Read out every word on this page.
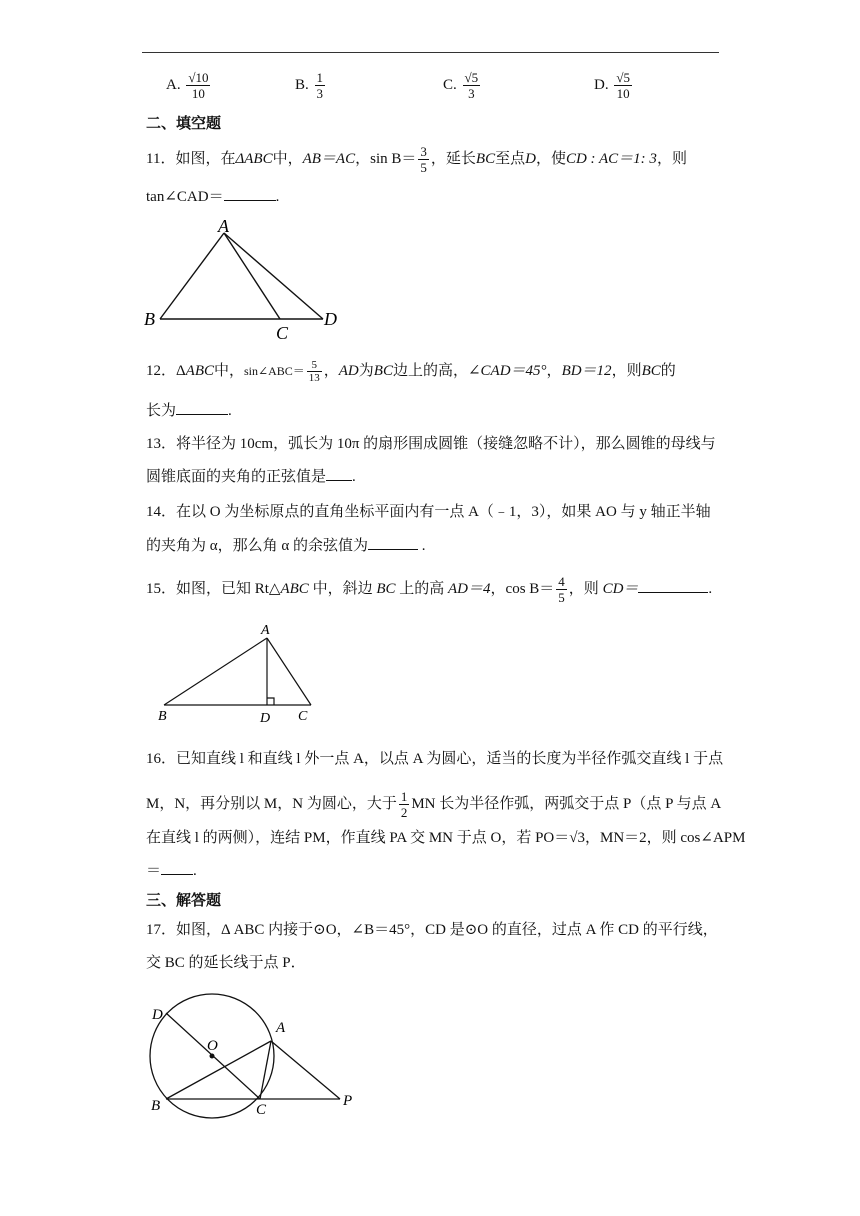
A. $\frac{√10}{10}$	B. $\frac{1}{3}$	C. $\frac{√5}{3}$	D. $\frac{√5}{10}$
二、填空题
11．如图，在ΔABC中，AB＝AC，$\sin B= \frac{3}{5}$ ，延长BC至点D，使CD : AC＝1: 3，则
tan∠CAD＝	.
A
B
C
D
12．ΔABC中，sin∠ABC＝ $\frac{5}{13}$ ，AD为BC边上的高，∠CAD＝45°，BD＝12，则BC的
长为	.
13．将半径为 10cm，弧长为 10π 的扇形围成圆锥（接缝忽略不计），那么圆锥的母线与
圆锥底面的夹角的正弦值是 .
14．在以 O 为坐标原点的直角坐标平面内有一点 A（﹣1，3），如果 AO 与 y 轴正半轴
的夹角为 α，那么角 α 的余弦值为	.
15．如图，已知 Rt△ABC 中，斜边 BC 上的高 AD＝4，$\cos B= \frac{4}{5}$ ，则 CD＝	.
A
B	D C
16．已知直线 l 和直线 l 外一点 A，以点 A 为圆心，适当的长度为半径作弧交直线 l 于点
M，N，再分别以 M，N 为圆心，大于 $\frac{1}{2}$ MN 长为半径作弧，两弧交于点 P（点 P 与点 A
在直线 l 的两侧），连结 PM，作直线 PA 交 MN 于点 O，若 PO＝√3，MN＝2，则 cos∠APM
＝ .
三、解答题
17．如图，Δ ABC 内接于⊙O，∠B＝45°，CD 是⊙O 的直径，过点 A 作 CD 的平行线，
交 BC 的延长线于点 P．
D
O
A
B	C
P
